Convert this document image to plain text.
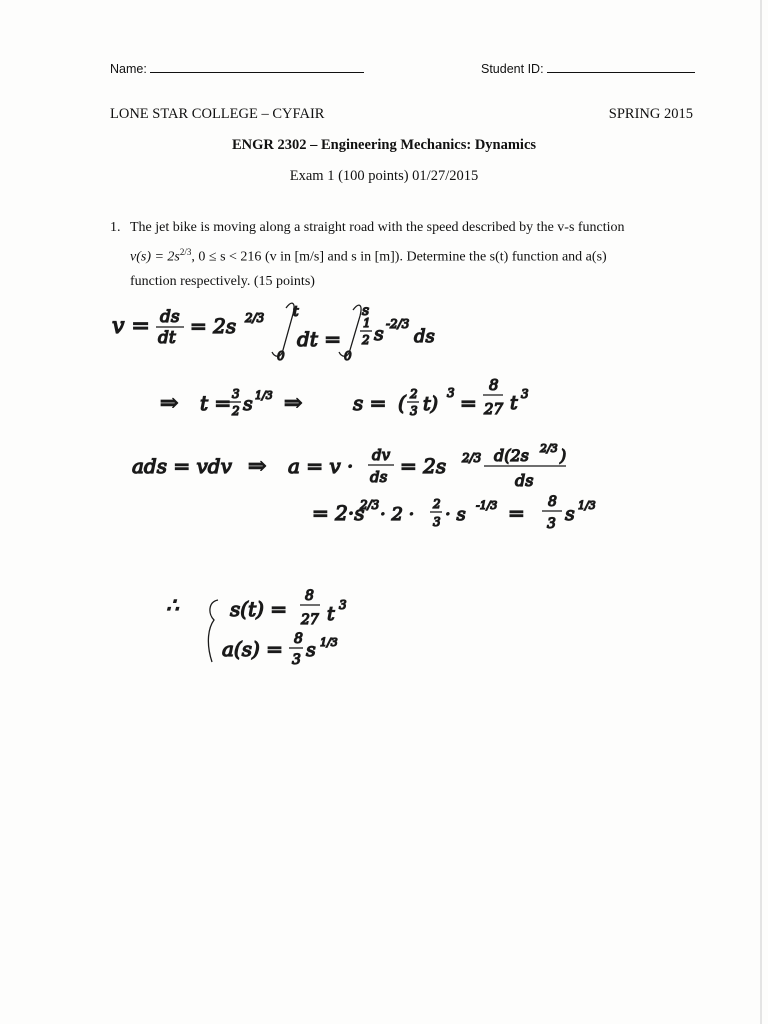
Name:	Student ID:
LONE STAR COLLEGE – CYFAIR	SPRING 2015
ENGR 2302 – Engineering Mechanics: Dynamics
Exam 1 (100 points) 01/27/2015
1. The jet bike is moving along a straight road with the speed described by the v-s function
$v(s) = 2s^{2/3}$, 0 ≤ s < 216 (v in [m/s] and s in [m]). Determine the s(t) function and a(s)
function respectively. (15 points)
v = ds
dt = 2s 2/3 t
0
dt =
s
0
1
2 s -2/3
ds
⇒ t = 3
2 s 1/3 ⇒	s = ( 2
3 t) 3 =
8
27 t 3
ads = vdv ⇒ a = v · dv
ds = 2s 2/3 d(2s 2/3 )
ds
= 2·s
2/3 · 2 · 2
3 · s -1/3 = 8
3 s 1/3
∴	s(t) =
8
27 t 3
a(s) = 8
3 s 1/3
